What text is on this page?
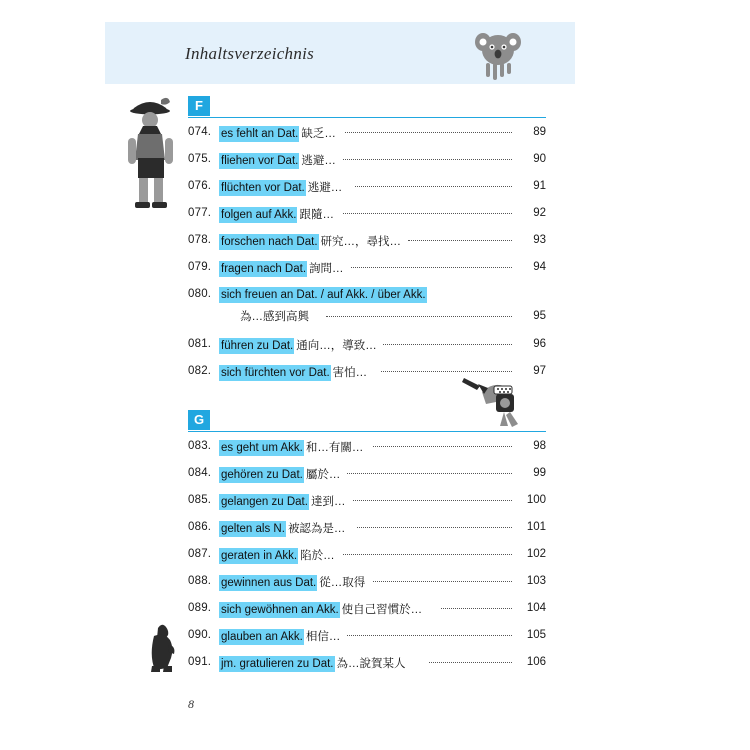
Inhaltsverzeichnis
8
F
074. es fehlt an Dat. 缺乏…	89
075. fliehen vor Dat. 逃避…	90
076. flüchten vor Dat. 逃避…	91
077. folgen auf Akk. 跟隨…	92
078. forschen nach Dat. 研究…，尋找…	93
079. fragen nach Dat. 詢問…	94
080. sich freuen an Dat. / auf Akk. / über Akk.
為…感到高興	95
081. führen zu Dat. 通向…，導致…	96
082. sich fürchten vor Dat. 害怕…	97
G
083. es geht um Akk. 和…有關…	98
084. gehören zu Dat. 屬於…	99
085. gelangen zu Dat. 達到…	100
086. gelten als N. 被認為是…	101
087. geraten in Akk. 陷於…	102
088. gewinnen aus Dat. 從…取得	103
089. sich gewöhnen an Akk. 使自己習慣於…	104
090. glauben an Akk. 相信…	105
091. jm. gratulieren zu Dat. 為…說賀某人	106
